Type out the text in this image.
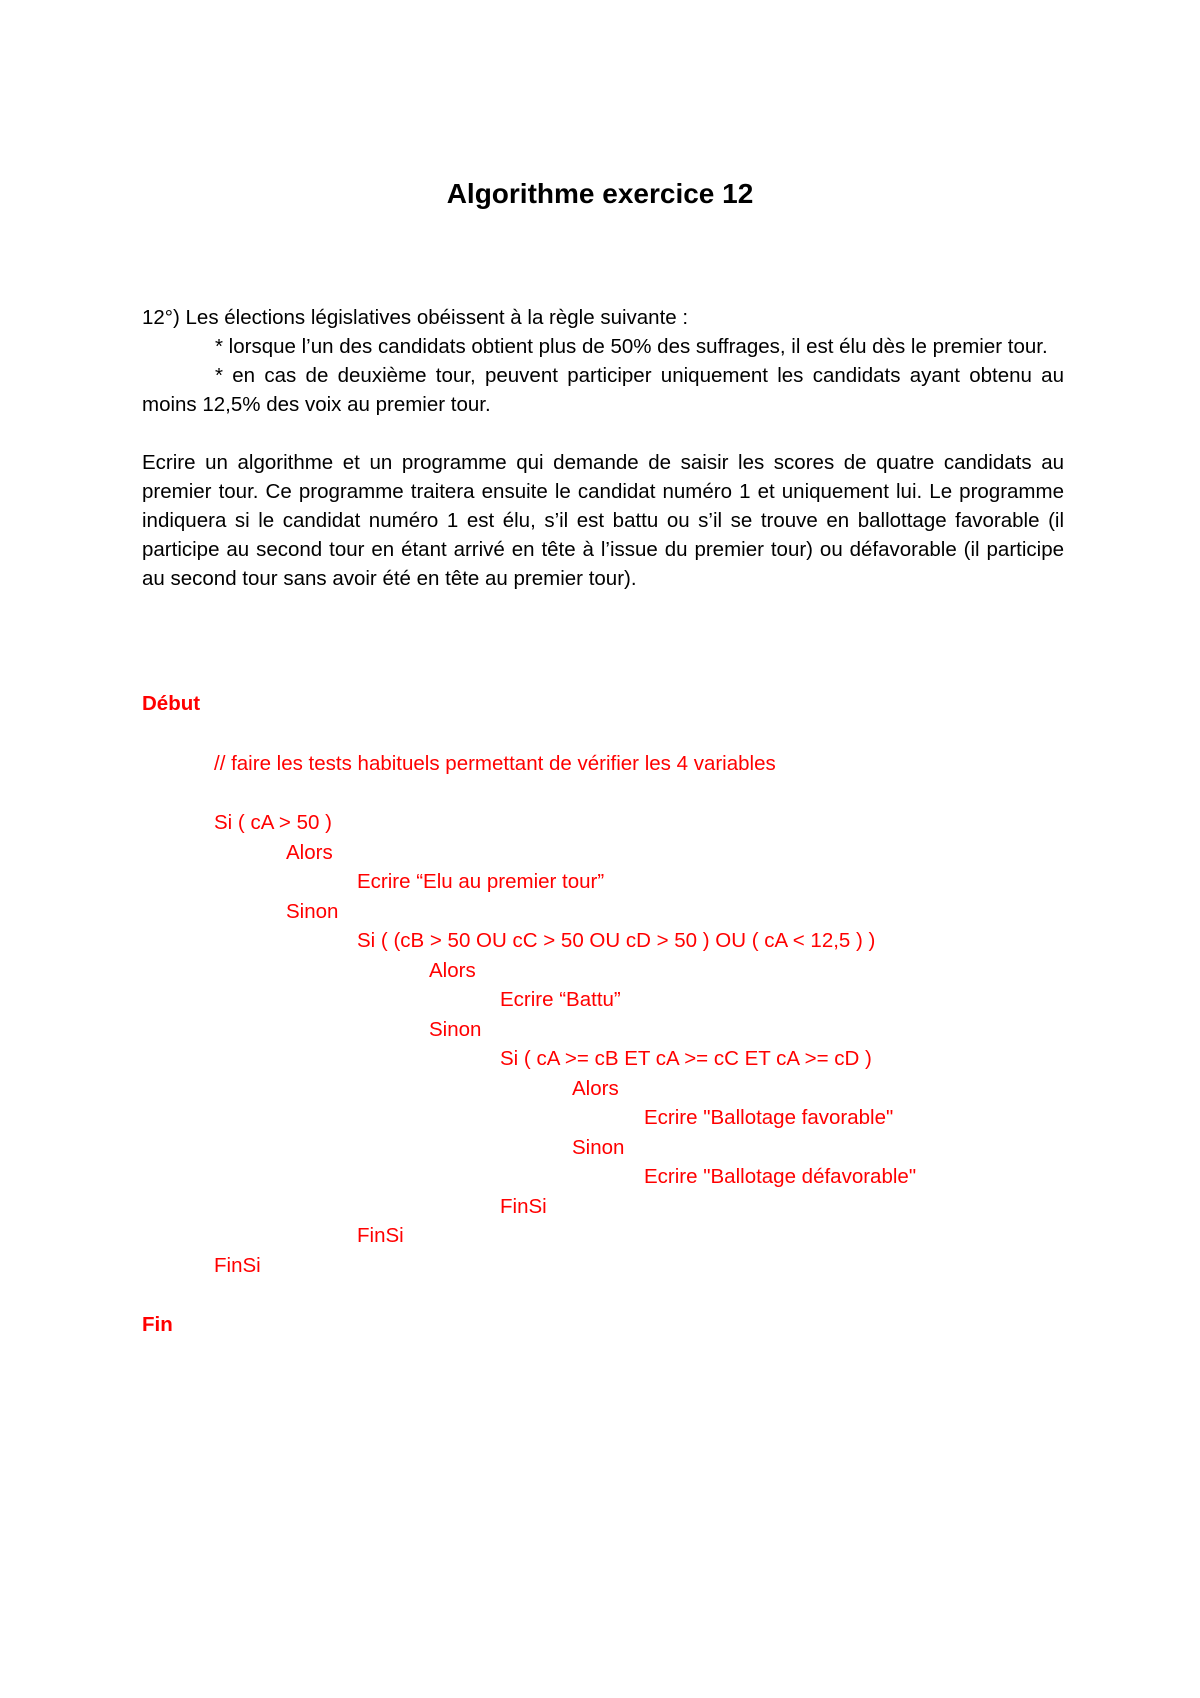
Algorithme exercice 12

12°) Les élections législatives obéissent à la règle suivante :

* lorsque l’un des candidats obtient plus de 50% des suffrages, il est élu dès le premier tour.

* en cas de deuxième tour, peuvent participer uniquement les candidats ayant obtenu au moins 12,5% des voix au premier tour.

Ecrire un algorithme et un programme qui demande de saisir les scores de quatre candidats au premier tour. Ce programme traitera ensuite le candidat numéro 1 et uniquement lui. Le programme indiquera si le candidat numéro 1 est élu, s’il est battu ou s’il se trouve en ballottage favorable (il participe au second tour en étant arrivé en tête à l’issue du premier tour) ou défavorable (il participe au second tour sans avoir été en tête au premier tour).

Début
// faire les tests habituels permettant de vérifier les 4 variables
Si ( cA > 50 )
Alors
Ecrire “Elu au premier tour”
Sinon
Si ( (cB > 50 OU cC > 50 OU cD > 50 ) OU ( cA < 12,5 ) )
Alors
Ecrire “Battu”
Sinon
Si ( cA >= cB ET cA >= cC ET cA >= cD )
Alors
Ecrire "Ballotage favorable"
Sinon
Ecrire "Ballotage défavorable"
FinSi
FinSi
FinSi
Fin
